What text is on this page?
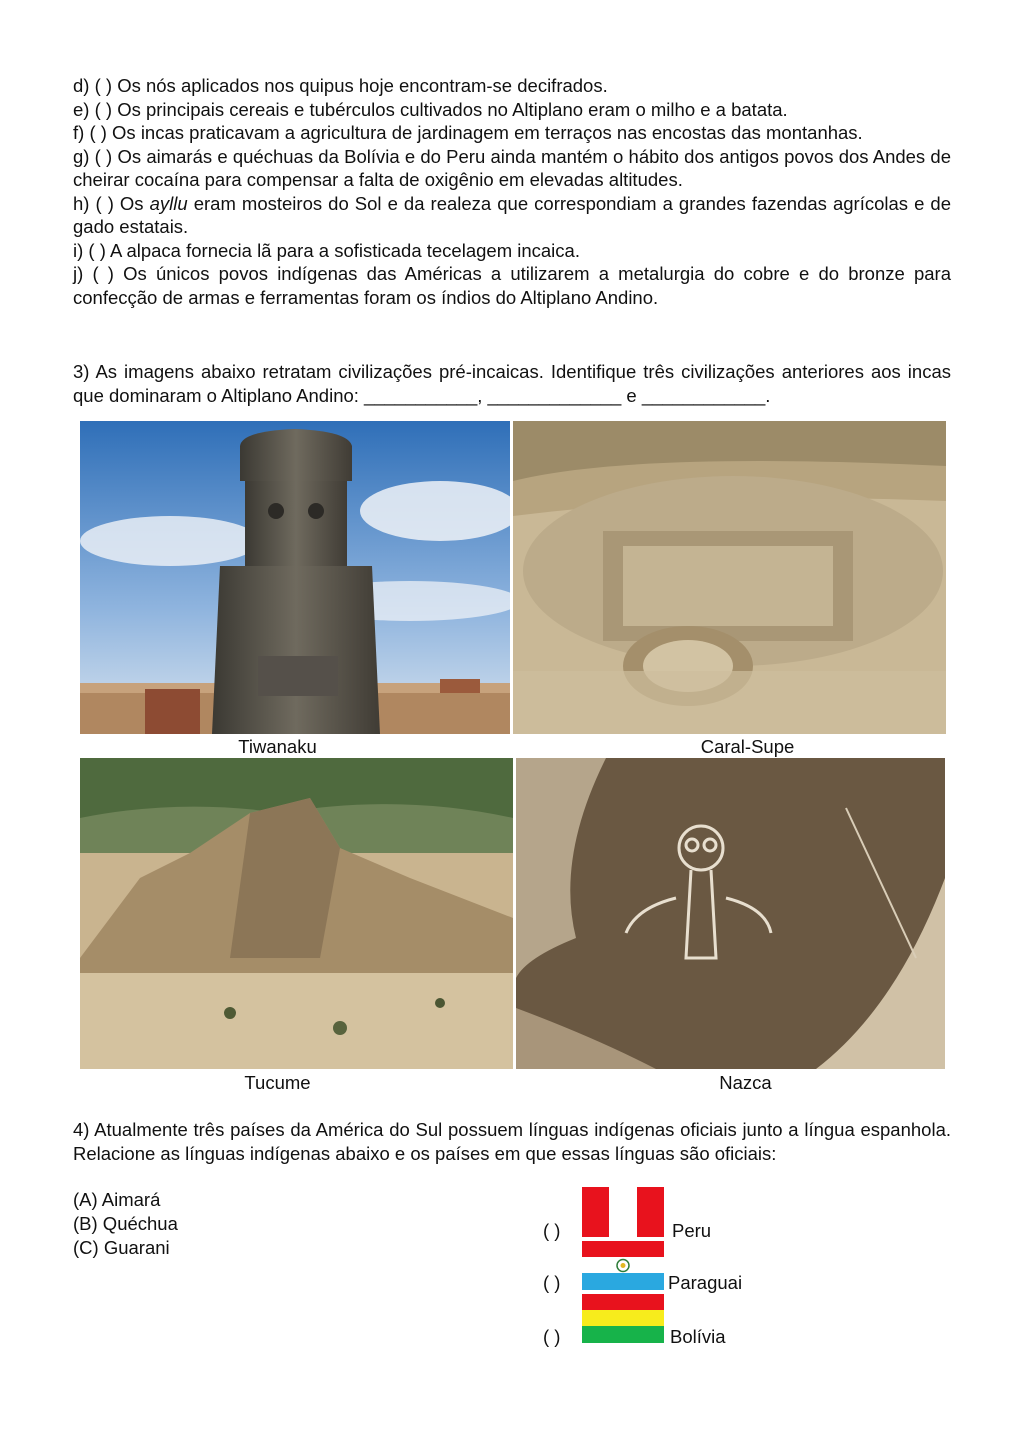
d) ( ) Os nós aplicados nos quipus hoje encontram-se decifrados.

e) ( ) Os principais cereais e tubérculos cultivados no Altiplano eram o milho e a batata.

f) ( ) Os incas praticavam a agricultura de jardinagem em terraços nas encostas das montanhas.

g) ( ) Os aimarás e quéchuas da Bolívia e do Peru ainda mantém o hábito dos antigos povos dos Andes de cheirar cocaína para compensar a falta de oxigênio em elevadas altitudes.

h) ( ) Os ayllu eram mosteiros do Sol e da realeza que correspondiam a grandes fazendas agrícolas e de gado estatais.

i) ( ) A alpaca fornecia lã para a sofisticada tecelagem incaica.

j) ( ) Os únicos povos indígenas das Américas a utilizarem a metalurgia do cobre e do bronze para confecção de armas e ferramentas foram os índios do Altiplano Andino.

3) As imagens abaixo retratam civilizações pré-incaicas. Identifique três civilizações anteriores aos incas que dominaram o Altiplano Andino: ___________, _____________ e ____________.

Tiwanaku	Caral-Supe
Tucume	Nazca

4) Atualmente três países da América do Sul possuem línguas indígenas oficiais junto a língua espanhola. Relacione as línguas indígenas abaixo e os países em que essas línguas são oficiais:

(A) Aimará
(B) Quéchua
(C) Guarani
( )	Peru
( )	Paraguai
( )	Bolívia
